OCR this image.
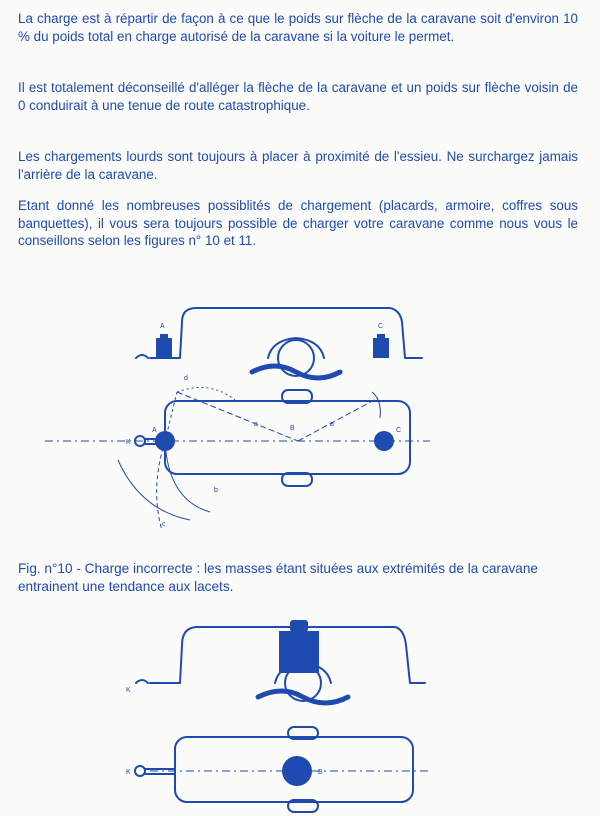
La charge est à répartir de façon à ce que le poids sur flèche de la caravane soit d'environ 10 % du poids total en charge autorisé de la caravane si la voiture le permet.

Il est totalement déconseillé d'alléger la flèche de la caravane et un poids sur flèche voisin de 0 conduirait à une tenue de route catastrophique.

Les chargements lourds sont toujours à placer à proximité de l'essieu. Ne surchargez jamais l'arrière de la caravane.

Etant donné les nombreuses possiblités de chargement (placards, armoire, coffres sous banquettes), il vous sera toujours possible de charger votre caravane comme nous vous le conseillons selon les figures n° 10 et 11.

A	C
K
A	C
B
a	a
b
c
d

Fig. n°10 - Charge incorrecte : les masses étant situées aux extrémités de la caravane entrainent une tendance aux lacets.

K
K	B
